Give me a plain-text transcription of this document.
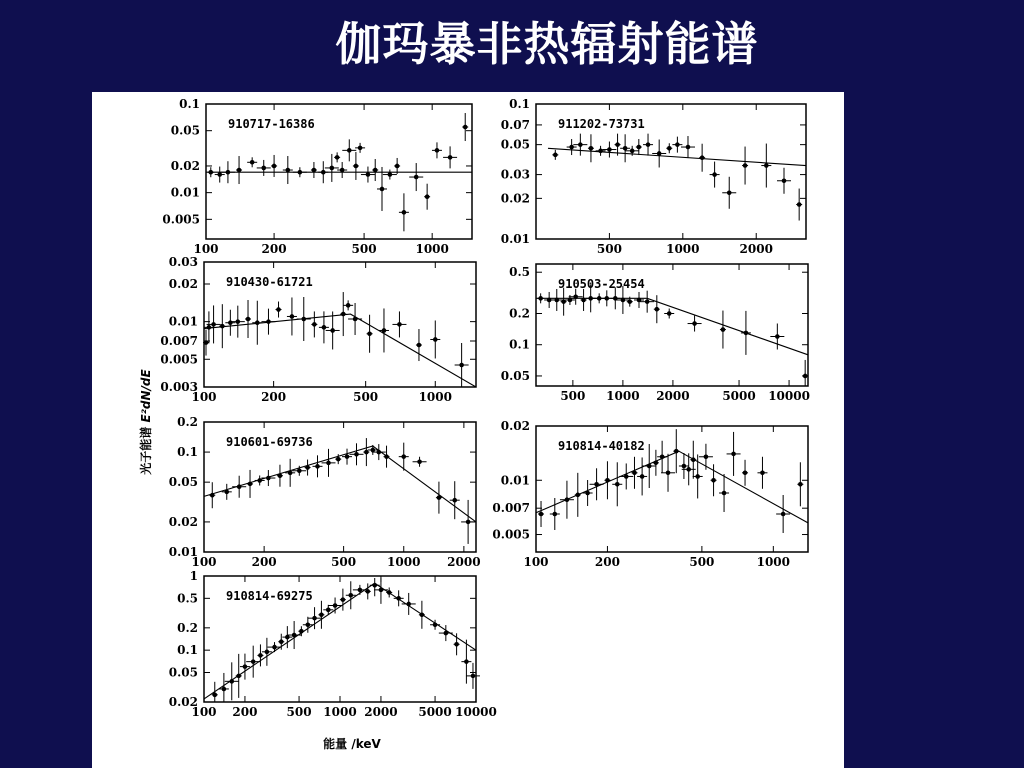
伽玛暴非热辐射能谱
100	200	500	1000
0.1
0.05
0.02
0.01
0.005
910717-16386
500	1000	2000
0.1
0.07
0.05
0.03
0.02
0.01
911202-73731
100	200	500	1000
0.03
0.02
0.01
0.007
0.005
0.003
910430-61721
500 1000 2000	5000 10000
0.5
0.2
0.1
0.05
910503-25454
100	200	500	1000 2000
0.2
0.1
0.05
0.02
0.01
910601-69736
100	200	500	1000
0.02
0.01
0.007
0.005
910814-40182
100 200 500 1000 2000 5000 10000
1
0.5
0.2
0.1
0.05
0.02
910814-69275
光子能谱 E²dN/dE
能量 /keV
